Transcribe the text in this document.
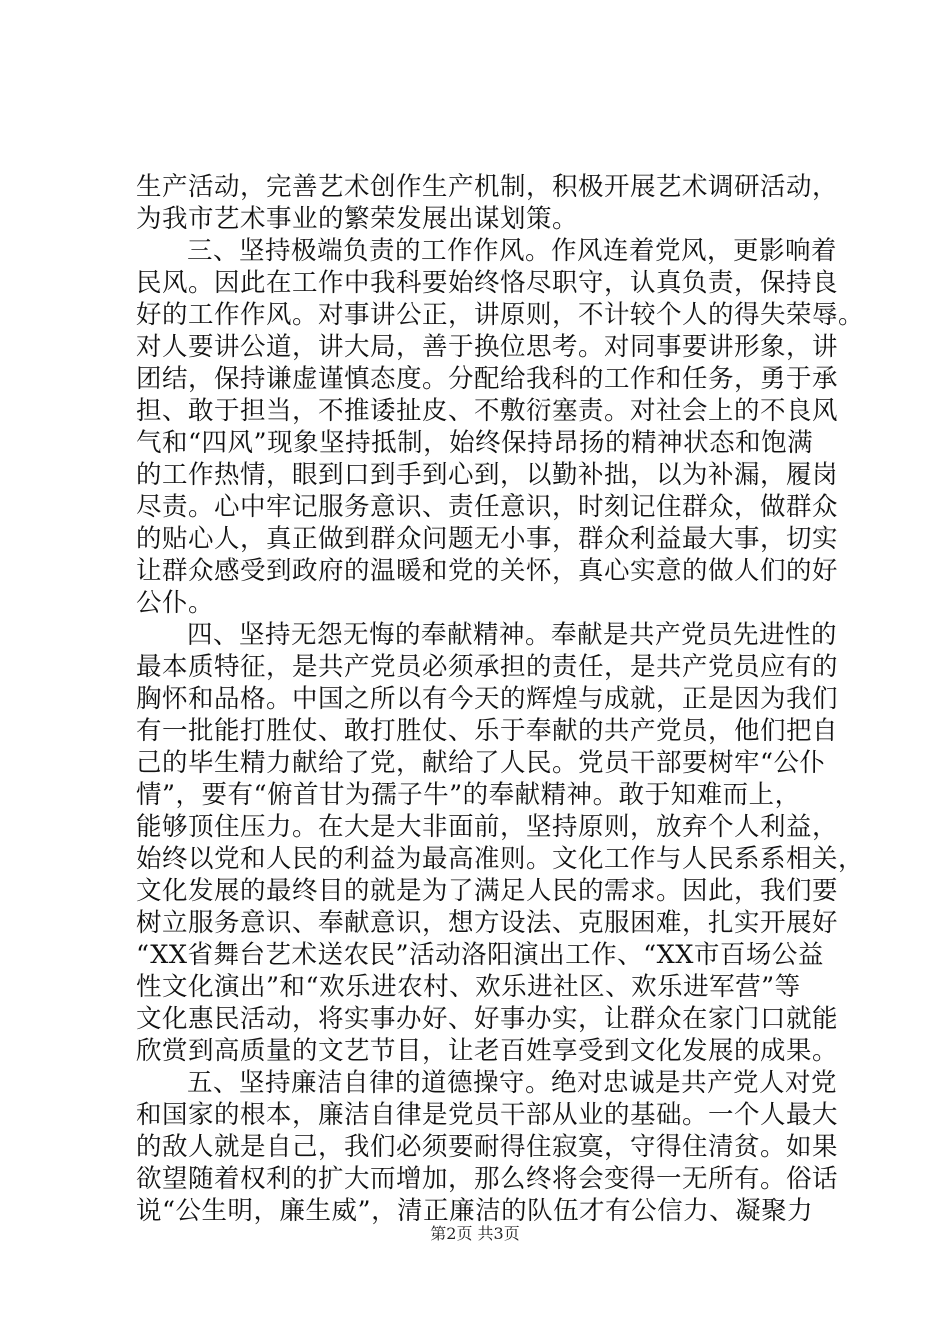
生产活动，完善艺术创作生产机制，积极开展艺术调研活动，
为我市艺术事业的繁荣发展出谋划策。
三、坚持极端负责的工作作风。作风连着党风，更影响着
民风。因此在工作中我科要始终恪尽职守，认真负责，保持良
好的工作作风。对事讲公正，讲原则，不计较个人的得失荣辱。
对人要讲公道，讲大局，善于换位思考。对同事要讲形象，讲
团结，保持谦虚谨慎态度。分配给我科的工作和任务，勇于承
担、敢于担当，不推诿扯皮、不敷衍塞责。对社会上的不良风
气和“四风”现象坚持抵制，始终保持昂扬的精神状态和饱满
的工作热情，眼到口到手到心到，以勤补拙，以为补漏，履岗
尽责。心中牢记服务意识、责任意识，时刻记住群众，做群众
的贴心人，真正做到群众问题无小事，群众利益最大事，切实
让群众感受到政府的温暖和党的关怀，真心实意的做人们的好
公仆。
四、坚持无怨无悔的奉献精神。奉献是共产党员先进性的
最本质特征，是共产党员必须承担的责任，是共产党员应有的
胸怀和品格。中国之所以有今天的辉煌与成就，正是因为我们
有一批能打胜仗、敢打胜仗、乐于奉献的共产党员，他们把自
己的毕生精力献给了党，献给了人民。党员干部要树牢“公仆
情”，要有“俯首甘为孺子牛”的奉献精神。敢于知难而上，
能够顶住压力。在大是大非面前，坚持原则，放弃个人利益，
始终以党和人民的利益为最高准则。文化工作与人民系系相关，
文化发展的最终目的就是为了满足人民的需求。因此，我们要
树立服务意识、奉献意识，想方设法、克服困难，扎实开展好
“XX省舞台艺术送农民”活动洛阳演出工作、“XX市百场公益
性文化演出”和“欢乐进农村、欢乐进社区、欢乐进军营”等
文化惠民活动，将实事办好、好事办实，让群众在家门口就能
欣赏到高质量的文艺节目，让老百姓享受到文化发展的成果。
五、坚持廉洁自律的道德操守。绝对忠诚是共产党人对党
和国家的根本，廉洁自律是党员干部从业的基础。一个人最大
的敌人就是自己，我们必须要耐得住寂寞，守得住清贫。如果
欲望随着权利的扩大而增加，那么终将会变得一无所有。俗话
说“公生明，廉生威”，清正廉洁的队伍才有公信力、凝聚力
第2页 共3页
